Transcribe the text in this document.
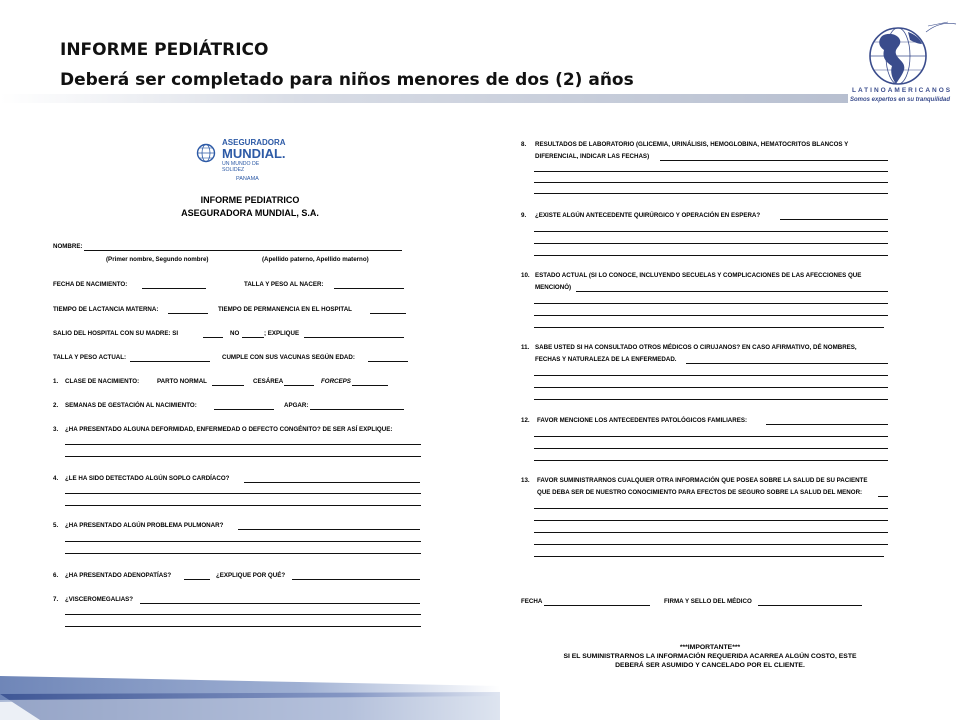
INFORME PEDIÁTRICO
Deberá ser completado para niños menores de dos (2) años
LATINOAMERICANOS
Somos expertos en su tranquilidad
ASEGURADORA
MUNDIAL.
UN MUNDO DE SOLIDEZ
PANAMA
INFORME PEDIATRICO
ASEGURADORA MUNDIAL, S.A.
NOMBRE:
(Primer nombre, Segundo nombre)	(Apellido paterno, Apellido materno)
FECHA DE NACIMIENTO:	TALLA Y PESO AL NACER:
TIEMPO DE LACTANCIA MATERNA:	TIEMPO DE PERMANENCIA EN EL HOSPITAL
SALIO DEL HOSPITAL CON SU MADRE: SI	NO	; EXPLIQUE
TALLA Y PESO ACTUAL:	CUMPLE CON SUS VACUNAS SEGÚN EDAD:
1. CLASE DE NACIMIENTO:	PARTO NORMAL	CESÁREA	FORCEPS
2. SEMANAS DE GESTACIÓN AL NACIMIENTO:	APGAR:
3. ¿HA PRESENTADO ALGUNA DEFORMIDAD, ENFERMEDAD O DEFECTO CONGÉNITO? DE SER ASÍ EXPLIQUE:
4. ¿LE HA SIDO DETECTADO ALGÚN SOPLO CARDÍACO?
5. ¿HA PRESENTADO ALGÚN PROBLEMA PULMONAR?
6. ¿HA PRESENTADO ADENOPATÍAS?	¿EXPLIQUE POR QUÉ?
7. ¿VISCEROMEGALIAS?
8. RESULTADOS DE LABORATORIO (GLICEMIA, URINÁLISIS, HEMOGLOBINA, HEMATOCRITOS BLANCOS Y
DIFERENCIAL, INDICAR LAS FECHAS)
9. ¿EXISTE ALGÚN ANTECEDENTE QUIRÚRGICO Y OPERACIÓN EN ESPERA?
10. ESTADO ACTUAL (SI LO CONOCE, INCLUYENDO SECUELAS Y COMPLICACIONES DE LAS AFECCIONES QUE
MENCIONÓ)
11. SABE USTED SI HA CONSULTADO OTROS MÉDICOS O CIRUJANOS? EN CASO AFIRMATIVO, DÉ NOMBRES,
FECHAS Y NATURALEZA DE LA ENFERMEDAD.
12. FAVOR MENCIONE LOS ANTECEDENTES PATOLÓGICOS FAMILIARES:
13. FAVOR SUMINISTRARNOS CUALQUIER OTRA INFORMACIÓN QUE POSEA SOBRE LA SALUD DE SU PACIENTE
QUE DEBA SER DE NUESTRO CONOCIMIENTO PARA EFECTOS DE SEGURO SOBRE LA SALUD DEL MENOR:
FECHA	FIRMA Y SELLO DEL MÉDICO
***IMPORTANTE***
SI EL SUMINISTRARNOS LA INFORMACIÓN REQUERIDA ACARREA ALGÚN COSTO, ESTE
DEBERÁ SER ASUMIDO Y CANCELADO POR EL CLIENTE.
